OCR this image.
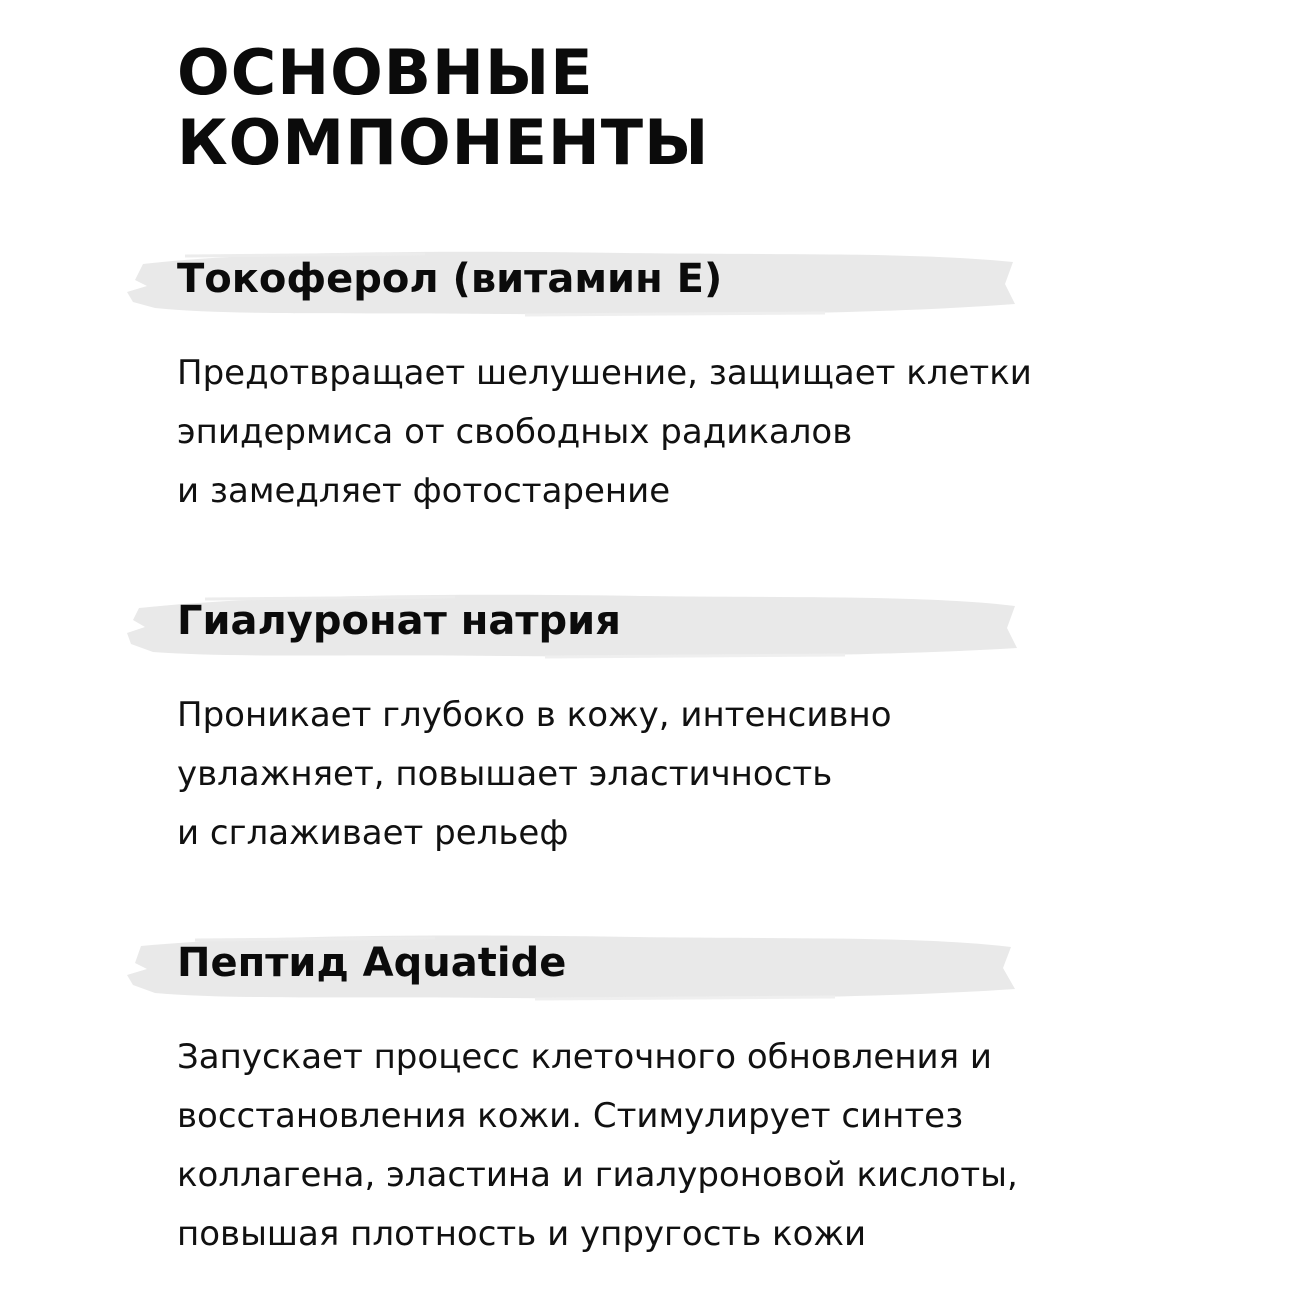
ОСНОВНЫЕ
КОМПОНЕНТЫ
Токоферол (витамин Е)

Предотвращает шелушение, защищает клетки
эпидермиса от свободных радикалов
и замедляет фотостарение

Гиалуронат натрия

Проникает глубоко в кожу, интенсивно
увлажняет, повышает эластичность
и сглаживает рельеф

Пептид Aquatide

Запускает процесс клеточного обновления и
восстановления кожи. Стимулирует синтез
коллагена, эластина и гиалуроновой кислоты,
повышая плотность и упругость кожи
